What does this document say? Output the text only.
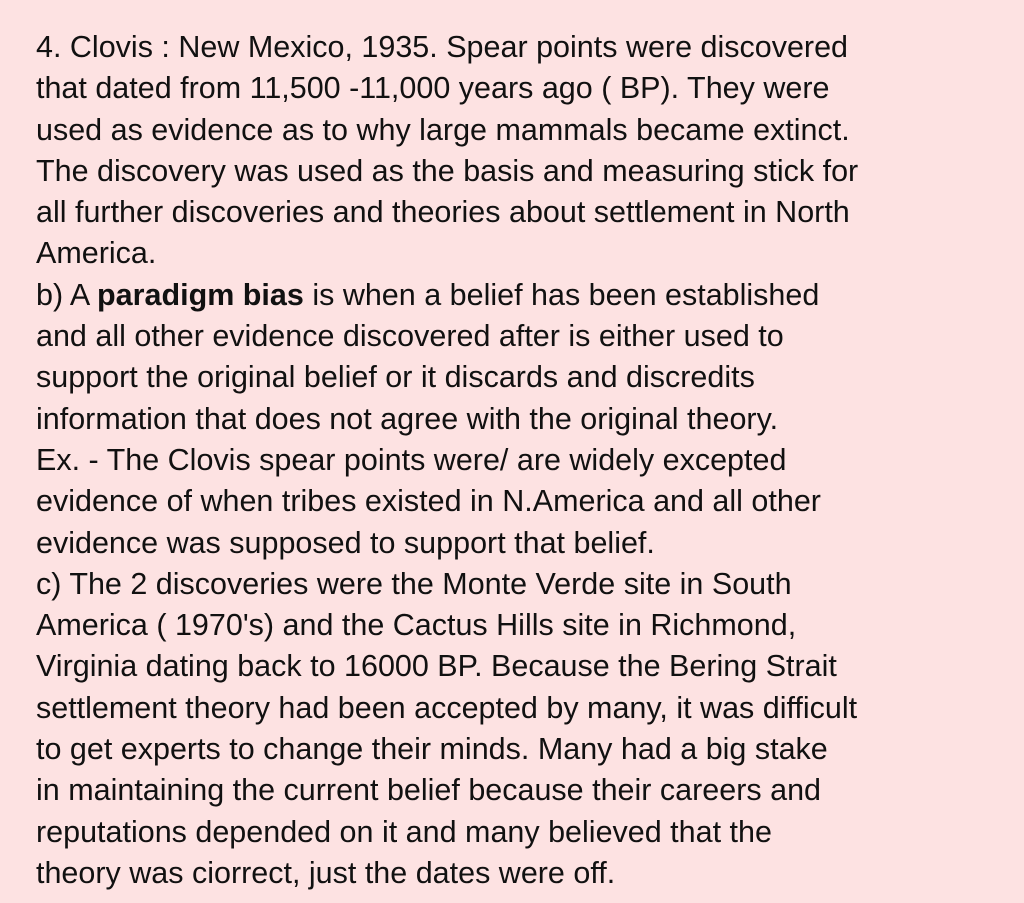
4. Clovis : New Mexico, 1935. Spear points were discovered
that dated from 11,500 -11,000 years ago ( BP). They were
used as evidence as to why large mammals became extinct.
The discovery was used as the basis and measuring stick for
all further discoveries and theories about settlement in North
America.
b) A paradigm bias is when a belief has been established
and all other evidence discovered after is either used to
support the original belief or it discards and discredits
information that does not agree with the original theory.
Ex. - The Clovis spear points were/ are widely excepted
evidence of when tribes existed in N.America and all other
evidence was supposed to support that belief.
c) The 2 discoveries were the Monte Verde site in South
America ( 1970's) and the Cactus Hills site in Richmond,
Virginia dating back to 16000 BP. Because the Bering Strait
settlement theory had been accepted by many, it was difficult
to get experts to change their minds. Many had a big stake
in maintaining the current belief because their careers and
reputations depended on it and many believed that the
theory was ciorrect, just the dates were off.
